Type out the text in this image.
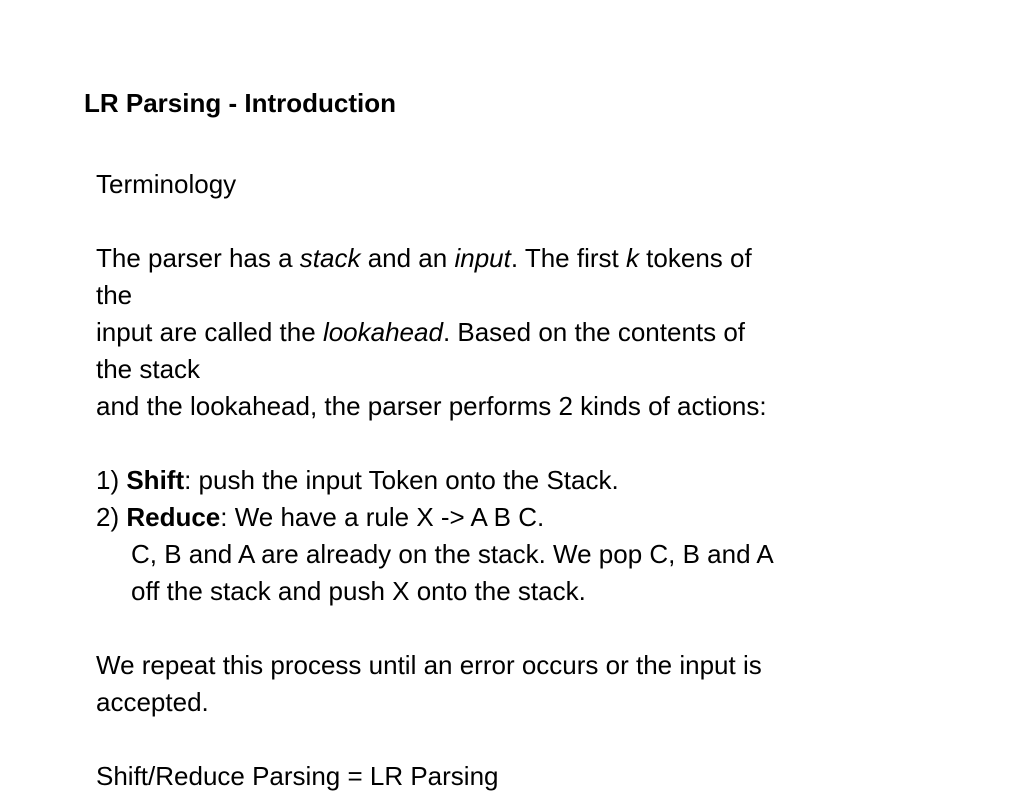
LR Parsing - Introduction
Terminology
The parser has a stack and an input. The first k tokens of
the
input are called the lookahead. Based on the contents of
the stack
and the lookahead, the parser performs 2 kinds of actions:
1) Shift: push the input Token onto the Stack.
2) Reduce: We have a rule X -> A B C.
C, B and A are already on the stack. We pop C, B and A
off the stack and push X onto the stack.
We repeat this process until an error occurs or the input is
accepted.
Shift/Reduce Parsing = LR Parsing
